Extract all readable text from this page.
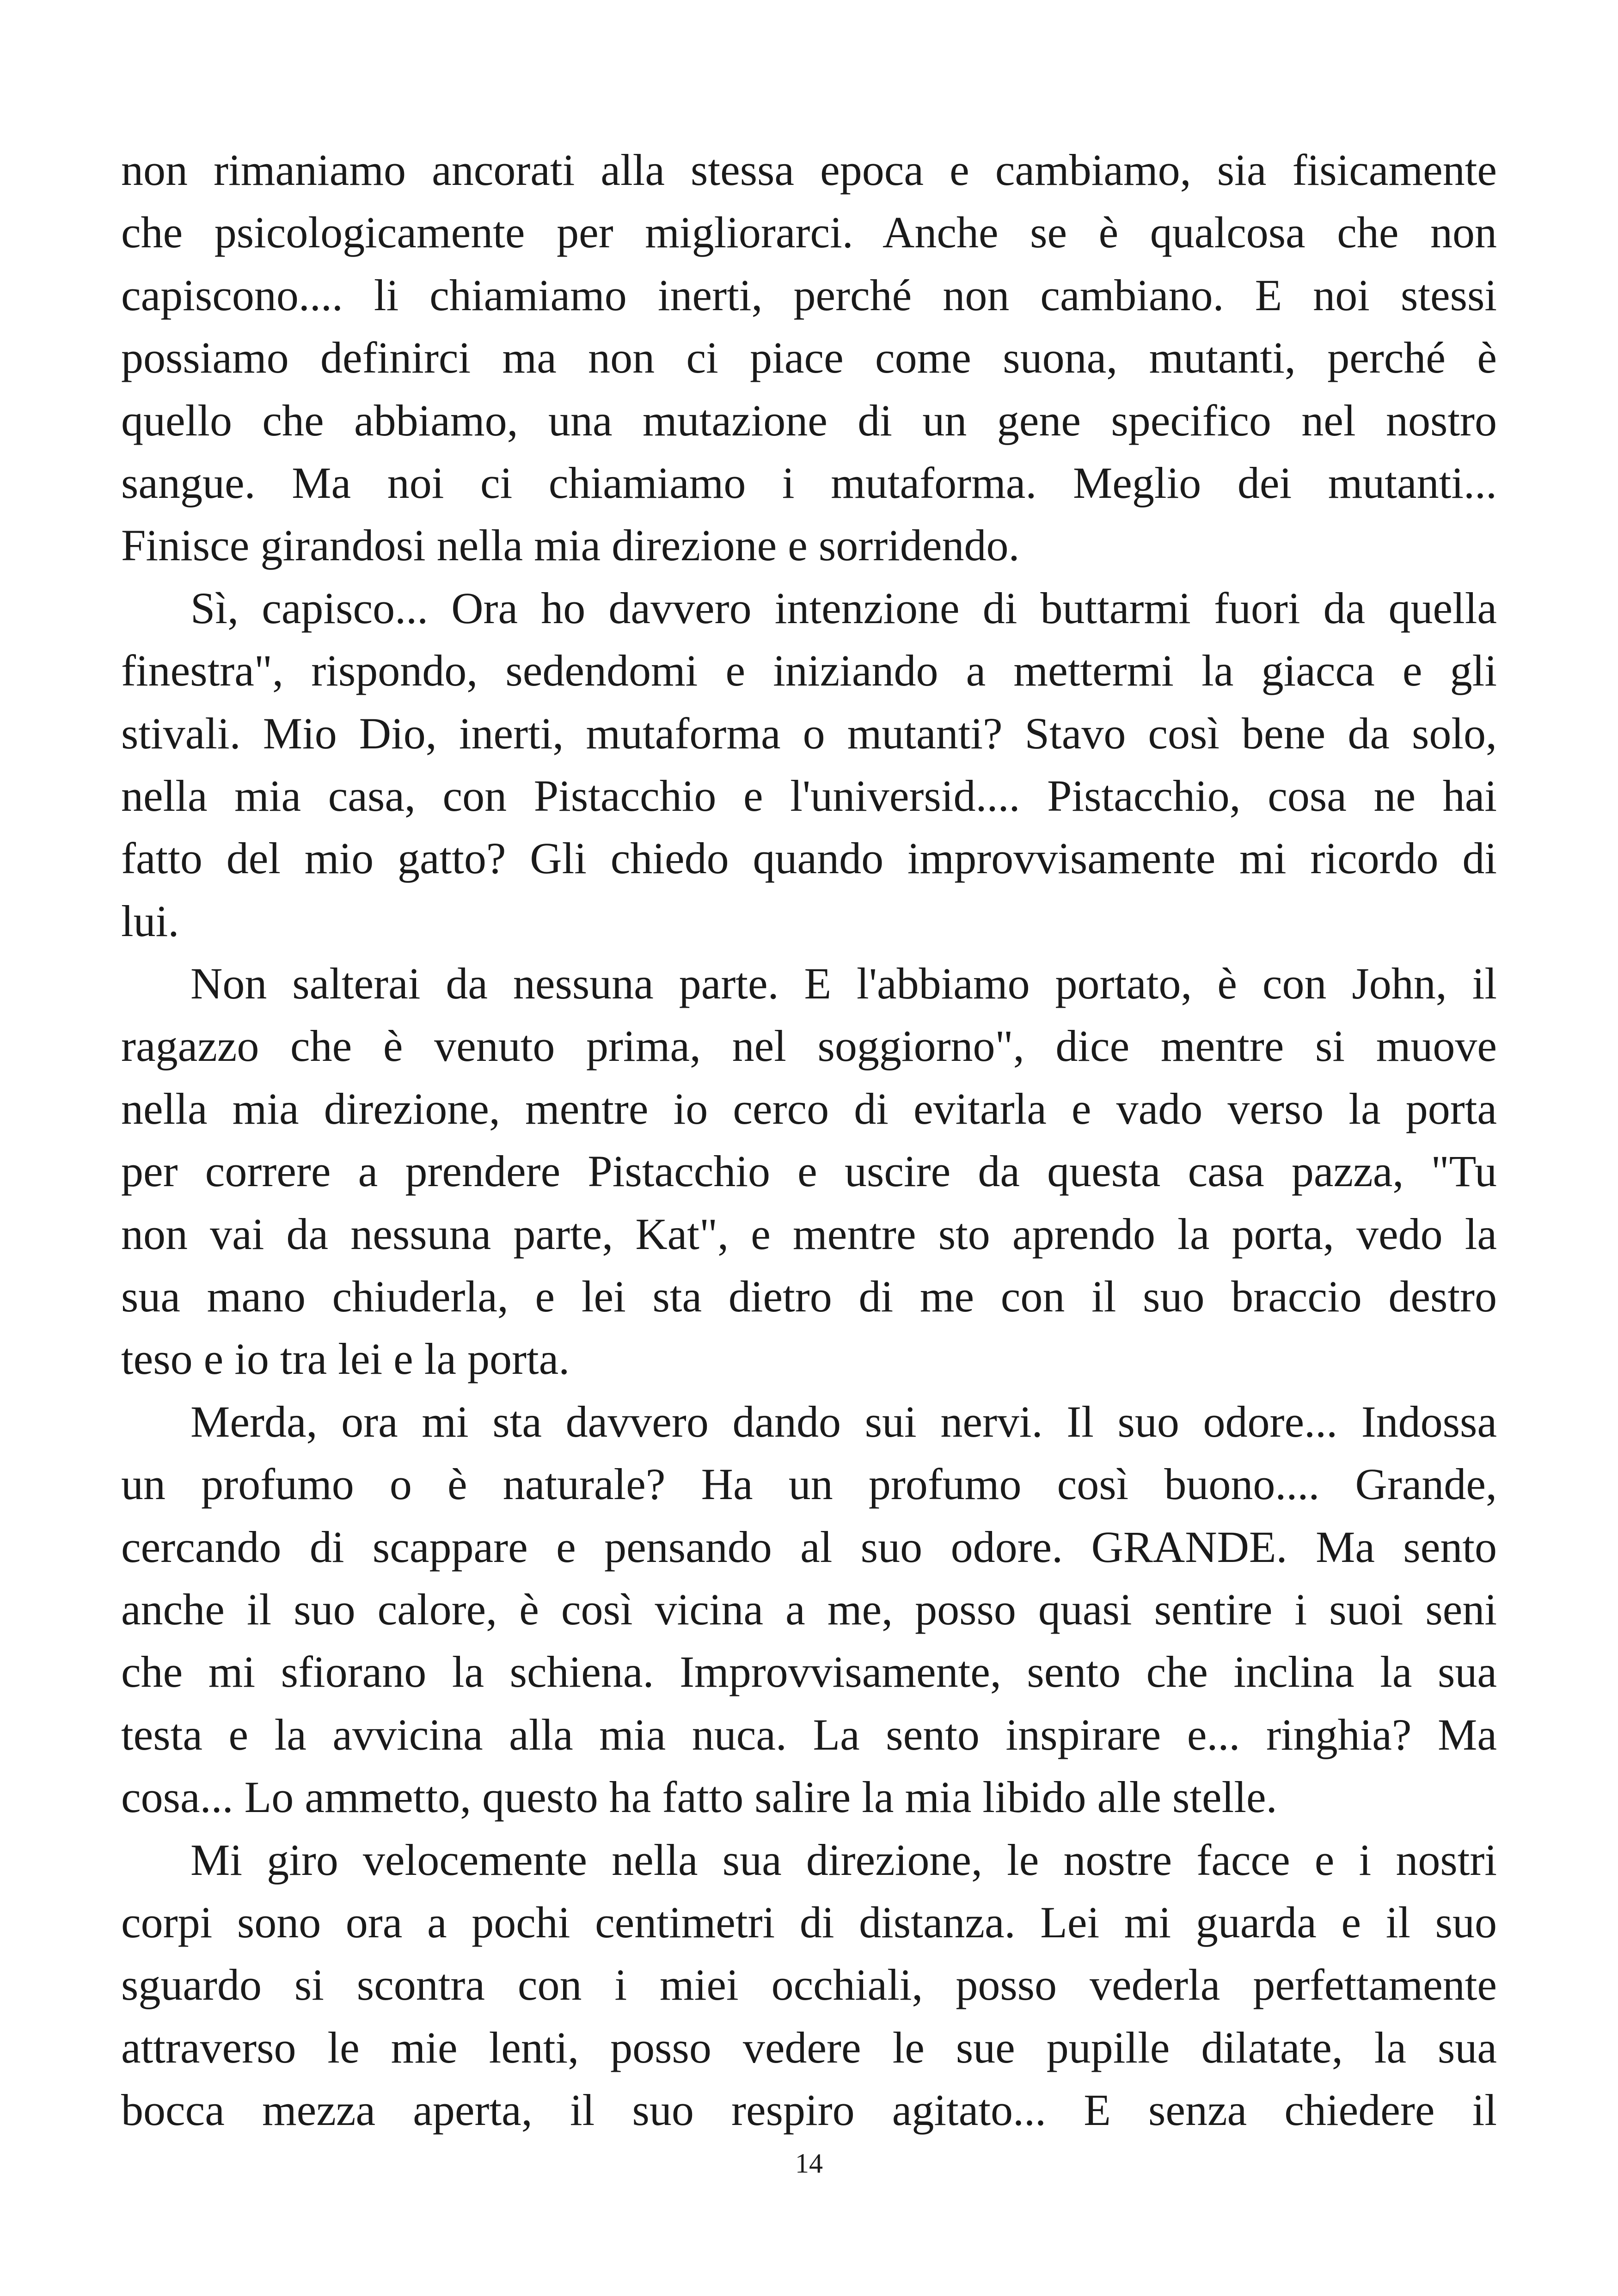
non rimaniamo ancorati alla stessa epoca e cambiamo, sia fisicamente
che psicologicamente per migliorarci. Anche se è qualcosa che non
capiscono.... li chiamiamo inerti, perché non cambiano. E noi stessi
possiamo definirci ma non ci piace come suona, mutanti, perché è
quello che abbiamo, una mutazione di un gene specifico nel nostro
sangue. Ma noi ci chiamiamo i mutaforma. Meglio dei mutanti...
Finisce girandosi nella mia direzione e sorridendo.
Sì, capisco... Ora ho davvero intenzione di buttarmi fuori da quella
finestra", rispondo, sedendomi e iniziando a mettermi la giacca e gli
stivali. Mio Dio, inerti, mutaforma o mutanti? Stavo così bene da solo,
nella mia casa, con Pistacchio e l'universid.... Pistacchio, cosa ne hai
fatto del mio gatto? Gli chiedo quando improvvisamente mi ricordo di
lui.
Non salterai da nessuna parte. E l'abbiamo portato, è con John, il
ragazzo che è venuto prima, nel soggiorno", dice mentre si muove
nella mia direzione, mentre io cerco di evitarla e vado verso la porta
per correre a prendere Pistacchio e uscire da questa casa pazza, "Tu
non vai da nessuna parte, Kat", e mentre sto aprendo la porta, vedo la
sua mano chiuderla, e lei sta dietro di me con il suo braccio destro
teso e io tra lei e la porta.
Merda, ora mi sta davvero dando sui nervi. Il suo odore... Indossa
un profumo o è naturale? Ha un profumo così buono.... Grande,
cercando di scappare e pensando al suo odore. GRANDE. Ma sento
anche il suo calore, è così vicina a me, posso quasi sentire i suoi seni
che mi sfiorano la schiena. Improvvisamente, sento che inclina la sua
testa e la avvicina alla mia nuca. La sento inspirare e... ringhia? Ma
cosa... Lo ammetto, questo ha fatto salire la mia libido alle stelle.
Mi giro velocemente nella sua direzione, le nostre facce e i nostri
corpi sono ora a pochi centimetri di distanza. Lei mi guarda e il suo
sguardo si scontra con i miei occhiali, posso vederla perfettamente
attraverso le mie lenti, posso vedere le sue pupille dilatate, la sua
bocca mezza aperta, il suo respiro agitato... E senza chiedere il
14
